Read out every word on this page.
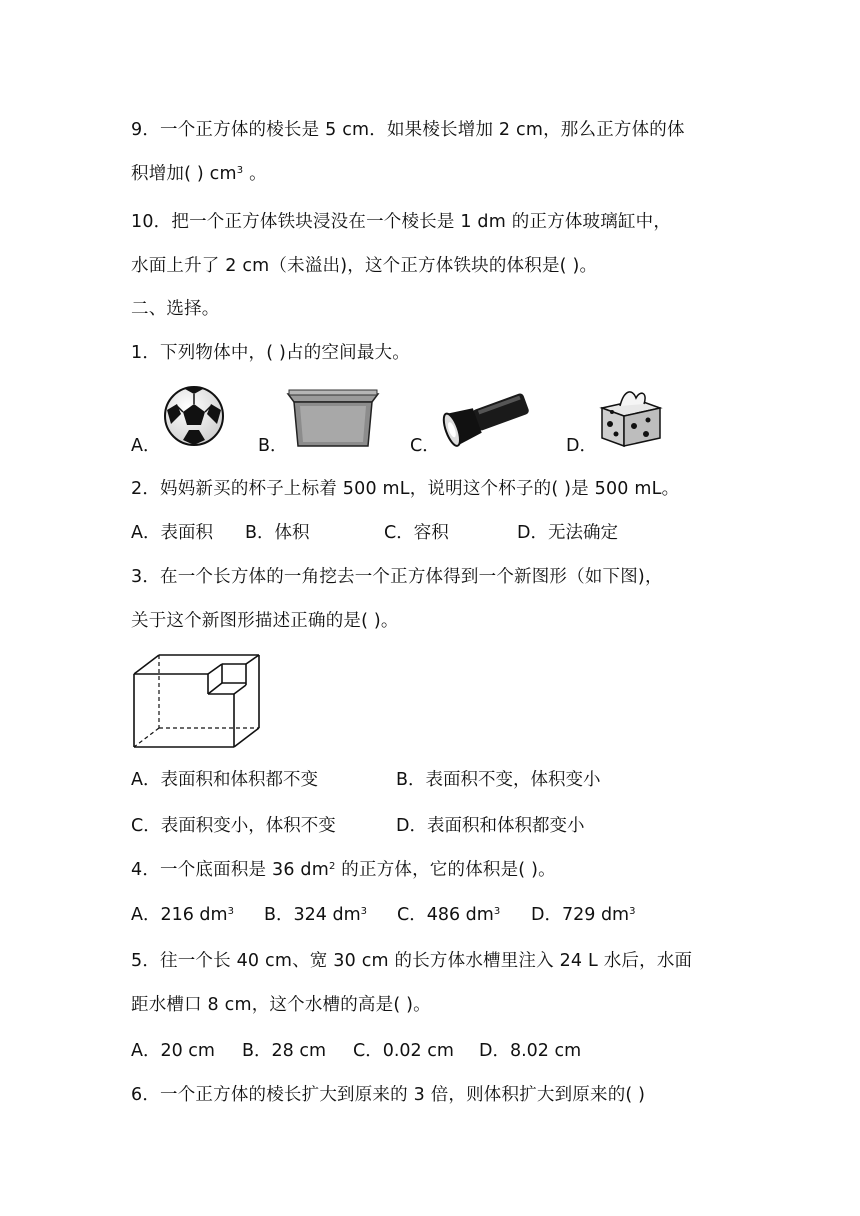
9．一个正方体的棱长是 5 cm．如果棱长增加 2 cm，那么正方体的体
积增加( ) $cm^3$ 。
10．把一个正方体铁块浸没在一个棱长是 1 dm 的正方体玻璃缸中，
水面上升了 2 cm（未溢出)，这个正方体铁块的体积是( )。
二、选择。
1．下列物体中，( )占的空间最大。
A．	B．	C．	D．
2．妈妈新买的杯子上标着 500 mL，说明这个杯子的( )是 500 mL。
A．表面积 B．体积	C．容积	D．无法确定
3．在一个长方体的一角挖去一个正方体得到一个新图形（如下图)，
关于这个新图形描述正确的是( )。
A．表面积和体积都不变	B．表面积不变，体积变小
C．表面积变小，体积不变	D．表面积和体积都变小
4．一个底面积是 36 $dm^2$ 的正方体，它的体积是( )。
A．216 $dm^3$ B．324 $dm^3$ C．486 $dm^3$ D．729 $dm^3$
5．往一个长 40 cm、宽 30 cm 的长方体水槽里注入 24 L 水后，水面
距水槽口 8 cm，这个水槽的高是( )。
A．20 cm B．28 cm C．0.02 cm D．8.02 cm
6．一个正方体的棱长扩大到原来的 3 倍，则体积扩大到原来的( )
